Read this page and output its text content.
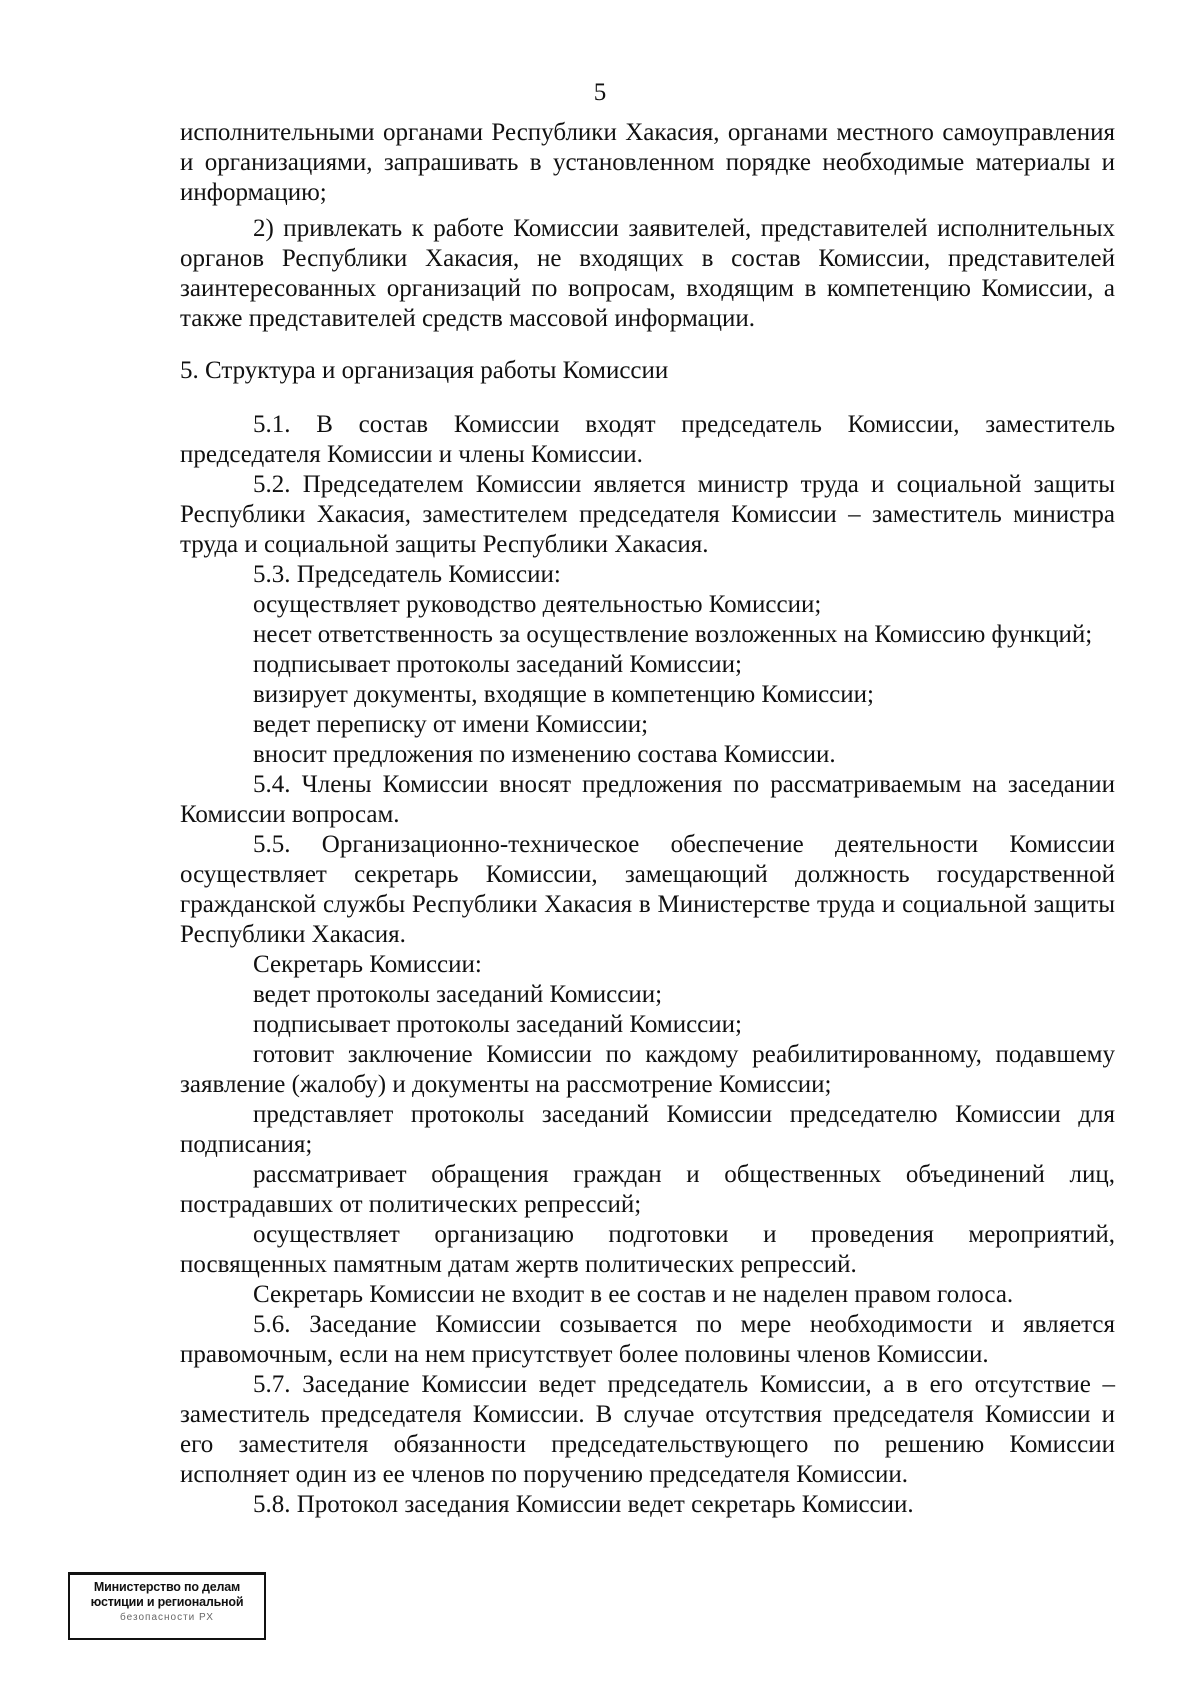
5

исполнительными органами Республики Хакасия, органами местного самоуправления и организациями, запрашивать в установленном порядке необходимые материалы и информацию;

2) привлекать к работе Комиссии заявителей, представителей исполнительных органов Республики Хакасия, не входящих в состав Комиссии, представителей заинтересованных организаций по вопросам, входящим в компетенцию Комиссии, а также представителей средств массовой информации.

5. Структура и организация работы Комиссии

5.1. В состав Комиссии входят председатель Комиссии, заместитель председателя Комиссии и члены Комиссии.

5.2. Председателем Комиссии является министр труда и социальной защиты Республики Хакасия, заместителем председателя Комиссии – заместитель министра труда и социальной защиты Республики Хакасия.

5.3. Председатель Комиссии:

осуществляет руководство деятельностью Комиссии;

несет ответственность за осуществление возложенных на Комиссию функций;

подписывает протоколы заседаний Комиссии;

визирует документы, входящие в компетенцию Комиссии;

ведет переписку от имени Комиссии;

вносит предложения по изменению состава Комиссии.

5.4. Члены Комиссии вносят предложения по рассматриваемым на заседании Комиссии вопросам.

5.5. Организационно-техническое обеспечение деятельности Комиссии осуществляет секретарь Комиссии, замещающий должность государственной гражданской службы Республики Хакасия в Министерстве труда и социальной защиты Республики Хакасия.

Секретарь Комиссии:

ведет протоколы заседаний Комиссии;

подписывает протоколы заседаний Комиссии;

готовит заключение Комиссии по каждому реабилитированному, подавшему заявление (жалобу) и документы на рассмотрение Комиссии;

представляет протоколы заседаний Комиссии председателю Комиссии для подписания;

рассматривает обращения граждан и общественных объединений лиц, пострадавших от политических репрессий;

осуществляет организацию подготовки и проведения мероприятий, посвященных памятным датам жертв политических репрессий.

Секретарь Комиссии не входит в ее состав и не наделен правом голоса.

5.6. Заседание Комиссии созывается по мере необходимости и является правомочным, если на нем присутствует более половины членов Комиссии.

5.7. Заседание Комиссии ведет председатель Комиссии, а в его отсутствие – заместитель председателя Комиссии. В случае отсутствия председателя Комиссии и его заместителя обязанности председательствующего по решению Комиссии исполняет один из ее членов по поручению председателя Комиссии.

5.8. Протокол заседания Комиссии ведет секретарь Комиссии.

Министерство по делам
юстиции и региональной
безопасности РХ
